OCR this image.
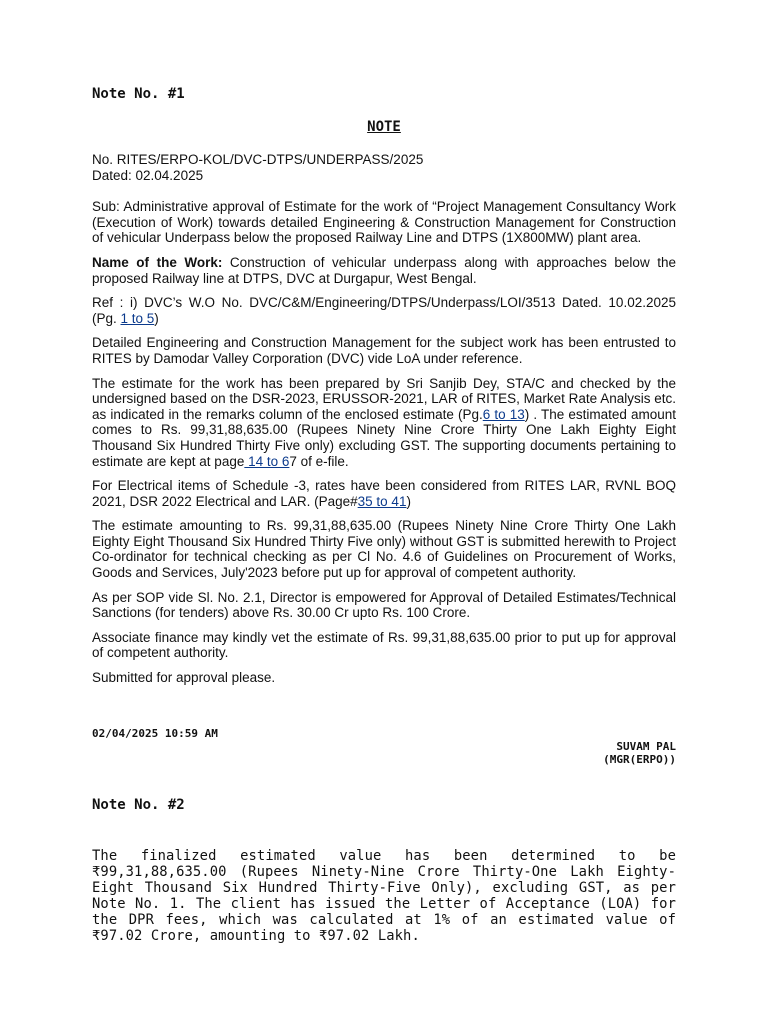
Note No. #1
NOTE

No. RITES/ERPO-KOL/DVC-DTPS/UNDERPASS/2025

Dated: 02.04.2025

Sub: Administrative approval of Estimate for the work of “Project Management Consultancy Work (Execution of Work) towards detailed Engineering & Construction Management for Construction of vehicular Underpass below the proposed Railway Line and DTPS (1X800MW) plant area.

Name of the Work: Construction of vehicular underpass along with approaches below the proposed Railway line at DTPS, DVC at Durgapur, West Bengal.

Ref : i) DVC’s W.O No. DVC/C&M/Engineering/DTPS/Underpass/LOI/3513 Dated. 10.02.2025 (Pg. 1 to 5)

Detailed Engineering and Construction Management for the subject work has been entrusted to RITES by Damodar Valley Corporation (DVC) vide LoA under reference.

The estimate for the work has been prepared by Sri Sanjib Dey, STA/C and checked by the undersigned based on the DSR-2023, ERUSSOR-2021, LAR of RITES, Market Rate Analysis etc. as indicated in the remarks column of the enclosed estimate (Pg.6 to 13) . The estimated amount comes to Rs. 99,31,88,635.00 (Rupees Ninety Nine Crore Thirty One Lakh Eighty Eight Thousand Six Hundred Thirty Five only) excluding GST. The supporting documents pertaining to estimate are kept at page 14 to 67 of e-file.

For Electrical items of Schedule -3, rates have been considered from RITES LAR, RVNL BOQ 2021, DSR 2022 Electrical and LAR. (Page#35 to 41)

The estimate amounting to Rs. 99,31,88,635.00 (Rupees Ninety Nine Crore Thirty One Lakh Eighty Eight Thousand Six Hundred Thirty Five only) without GST is submitted herewith to Project Co-ordinator for technical checking as per Cl No. 4.6 of Guidelines on Procurement of Works, Goods and Services, July'2023 before put up for approval of competent authority.

As per SOP vide Sl. No. 2.1, Director is empowered for Approval of Detailed Estimates/Technical Sanctions (for tenders) above Rs. 30.00 Cr upto Rs. 100 Crore.

Associate finance may kindly vet the estimate of Rs. 99,31,88,635.00 prior to put up for approval of competent authority.

Submitted for approval please.

02/04/2025 10:59 AM
SUVAM PAL
(MGR(ERPO))
Note No. #2
The finalized estimated value has been determined to be ₹99,31,88,635.00 (Rupees Ninety-Nine Crore Thirty-One Lakh Eighty-Eight Thousand Six Hundred Thirty-Five Only), excluding GST, as per Note No. 1. The client has issued the Letter of Acceptance (LOA) for the DPR fees, which was calculated at 1% of an estimated value of ₹97.02 Crore, amounting to ₹97.02 Lakh.
